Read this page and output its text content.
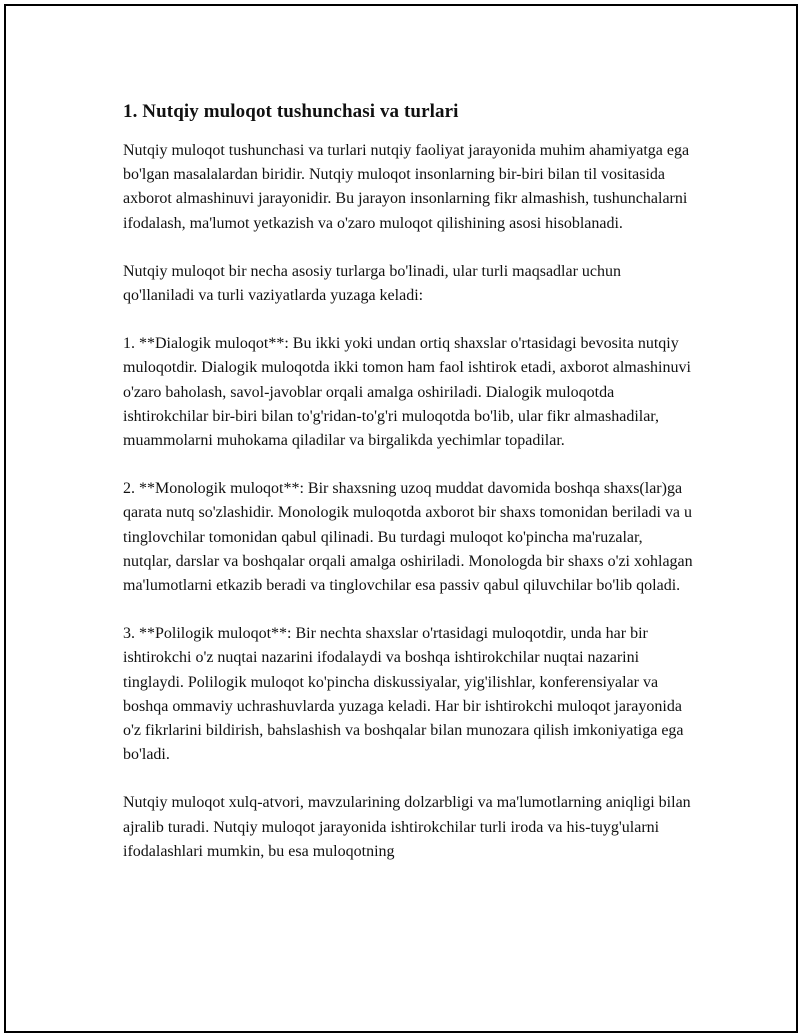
1. Nutqiy muloqot tushunchasi va turlari

Nutqiy muloqot tushunchasi va turlari nutqiy faoliyat jarayonida muhim ahamiyatga ega bo'lgan masalalardan biridir. Nutqiy muloqot insonlarning bir-biri bilan til vositasida axborot almashinuvi jarayonidir. Bu jarayon insonlarning fikr almashish, tushunchalarni ifodalash, ma'lumot yetkazish va o'zaro muloqot qilishining asosi hisoblanadi.

Nutqiy muloqot bir necha asosiy turlarga bo'linadi, ular turli maqsadlar uchun qo'llaniladi va turli vaziyatlarda yuzaga keladi:

1. **Dialogik muloqot**: Bu ikki yoki undan ortiq shaxslar o'rtasidagi bevosita nutqiy muloqotdir. Dialogik muloqotda ikki tomon ham faol ishtirok etadi, axborot almashinuvi o'zaro baholash, savol-javoblar orqali amalga oshiriladi. Dialogik muloqotda ishtirokchilar bir-biri bilan to'g'ridan-to'g'ri muloqotda bo'lib, ular fikr almashadilar, muammolarni muhokama qiladilar va birgalikda yechimlar topadilar.

2. **Monologik muloqot**: Bir shaxsning uzoq muddat davomida boshqa shaxs(lar)ga qarata nutq so'zlashidir. Monologik muloqotda axborot bir shaxs tomonidan beriladi va u tinglovchilar tomonidan qabul qilinadi. Bu turdagi muloqot ko'pincha ma'ruzalar, nutqlar, darslar va boshqalar orqali amalga oshiriladi. Monologda bir shaxs o'zi xohlagan ma'lumotlarni etkazib beradi va tinglovchilar esa passiv qabul qiluvchilar bo'lib qoladi.

3. **Polilogik muloqot**: Bir nechta shaxslar o'rtasidagi muloqotdir, unda har bir ishtirokchi o'z nuqtai nazarini ifodalaydi va boshqa ishtirokchilar nuqtai nazarini tinglaydi. Polilogik muloqot ko'pincha diskussiyalar, yig'ilishlar, konferensiyalar va boshqa ommaviy uchrashuvlarda yuzaga keladi. Har bir ishtirokchi muloqot jarayonida o'z fikrlarini bildirish, bahslashish va boshqalar bilan munozara qilish imkoniyatiga ega bo'ladi.

Nutqiy muloqot xulq-atvori, mavzularining dolzarbligi va ma'lumotlarning aniqligi bilan ajralib turadi. Nutqiy muloqot jarayonida ishtirokchilar turli iroda va his-tuyg'ularni ifodalashlari mumkin, bu esa muloqotning
